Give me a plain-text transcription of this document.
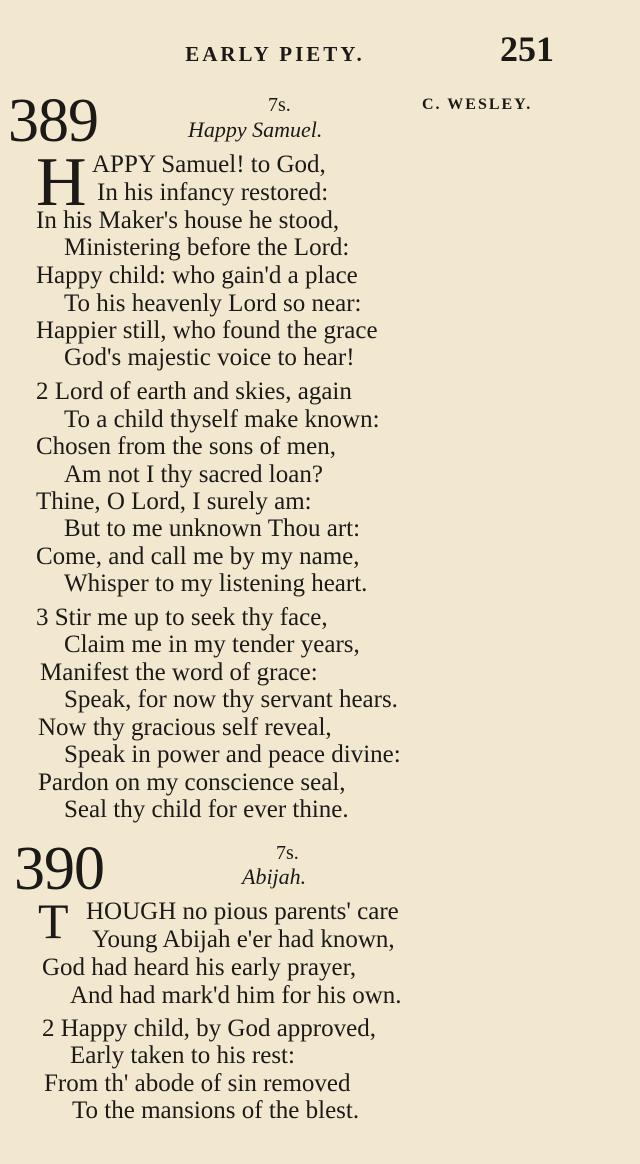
EARLY PIETY.	251
389	7s.	C. WESLEY.
Happy Samuel.
H APPY Samuel! to God,
In his infancy restored:
In his Maker's house he stood,
Ministering before the Lord:
Happy child: who gain'd a place
To his heavenly Lord so near:
Happier still, who found the grace
God's majestic voice to hear!
2 Lord of earth and skies, again
To a child thyself make known:
Chosen from the sons of men,
Am not I thy sacred loan?
Thine, O Lord, I surely am:
But to me unknown Thou art:
Come, and call me by my name,
Whisper to my listening heart.
3 Stir me up to seek thy face,
Claim me in my tender years,
Manifest the word of grace:
Speak, for now thy servant hears.
Now thy gracious self reveal,
Speak in power and peace divine:
Pardon on my conscience seal,
Seal thy child for ever thine.
390	7s.
Abijah.
T HOUGH no pious parents' care
Young Abijah e'er had known,
God had heard his early prayer,
And had mark'd him for his own.
2 Happy child, by God approved,
Early taken to his rest:
From th' abode of sin removed
To the mansions of the blest.
